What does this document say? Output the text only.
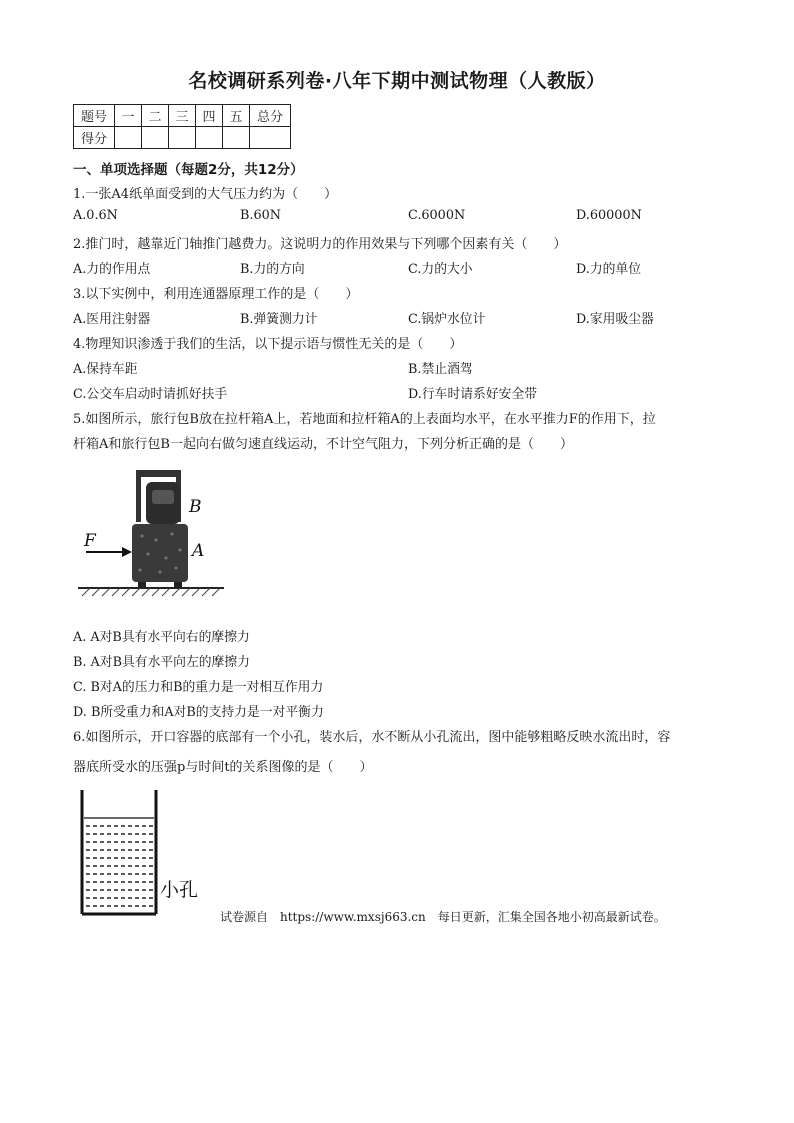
名校调研系列卷·八年下期中测试物理（人教版）
题号	一	二	三	四	五	总分
得分						
一、单项选择题（每题2分，共12分）
1.一张A4纸单面受到的大气压力约为（　　）
A.0.6N	B.60N	C.6000N	D.60000N
2.推门时，越靠近门轴推门越费力。这说明力的作用效果与下列哪个因素有关（　　）
A.力的作用点	B.力的方向	C.力的大小	D.力的单位
3.以下实例中，利用连通器原理工作的是（　　）
A.医用注射器	B.弹簧测力计	C.锅炉水位计	D.家用吸尘器
4.物理知识渗透于我们的生活，以下提示语与惯性无关的是（　　）
A.保持车距	B.禁止酒驾
C.公交车启动时请抓好扶手	D.行车时请系好安全带
5.如图所示，旅行包B放在拉杆箱A上，若地面和拉杆箱A的上表面均水平，在水平推力F的作用下，拉
杆箱A和旅行包B一起向右做匀速直线运动，不计空气阻力，下列分析正确的是（　　）
F	A
B
A. A对B具有水平向右的摩擦力
B. A对B具有水平向左的摩擦力
C. B对A的压力和B的重力是一对相互作用力
D. B所受重力和A对B的支持力是一对平衡力
6.如图所示，开口容器的底部有一个小孔，装水后，水不断从小孔流出，图中能够粗略反映水流出时，容
器底所受水的压强p与时间t的关系图像的是（　　）
小孔
试卷源自　https://www.mxsj663.cn　每日更新，汇集全国各地小初高最新试卷。
